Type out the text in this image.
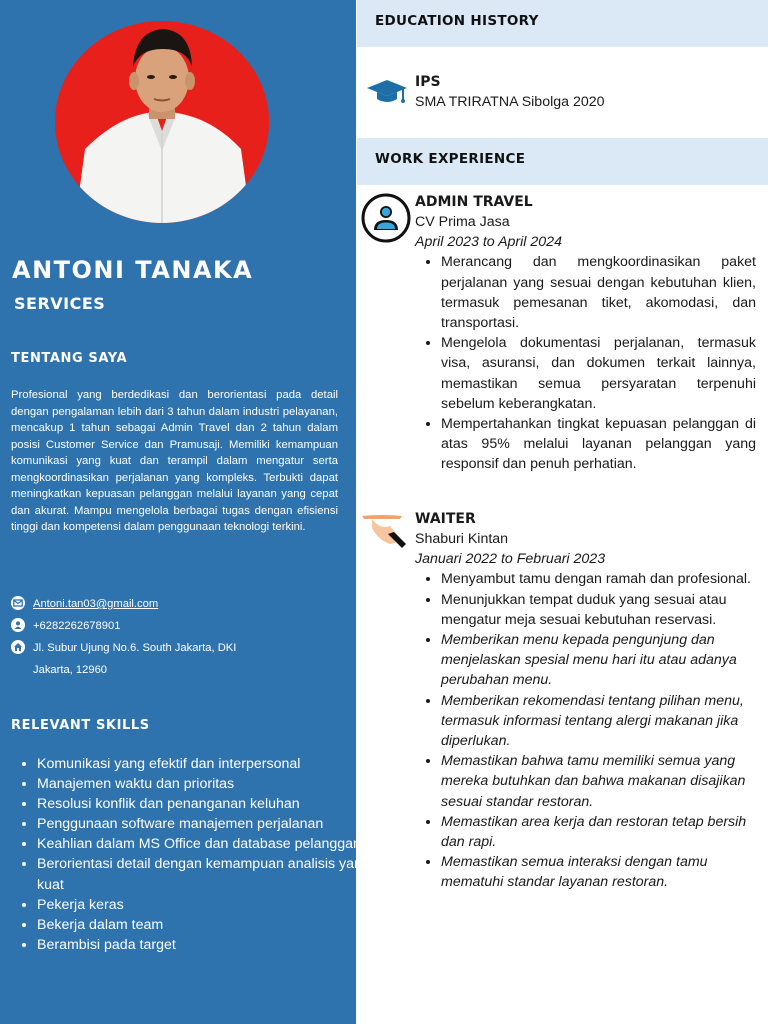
ANTONI TANAKA
SERVICES
TENTANG SAYA

Profesional yang berdedikasi dan berorientasi pada detail dengan pengalaman lebih dari 3 tahun dalam industri pelayanan, mencakup 1 tahun sebagai Admin Travel dan 2 tahun dalam posisi Customer Service dan Pramusaji. Memiliki kemampuan komunikasi yang kuat dan terampil dalam mengatur serta mengkoordinasikan perjalanan yang kompleks. Terbukti dapat meningkatkan kepuasan pelanggan melalui layanan yang cepat dan akurat. Mampu mengelola berbagai tugas dengan efisiensi tinggi dan kompetensi dalam penggunaan teknologi terkini.

Antoni.tan03@gmail.com
+6282262678901
Jl. Subur Ujung No.6. South Jakarta, DKI
Jakarta, 12960
RELEVANT SKILLS
• Komunikasi yang efektif dan interpersonal
• Manajemen waktu dan prioritas
• Resolusi konflik dan penanganan keluhan
• Penggunaan software manajemen perjalanan
• Keahlian dalam MS Office dan database pelanggan
• Berorientasi detail dengan kemampuan analisis yang kuat
• Pekerja keras
• Bekerja dalam team
• Berambisi pada target
EDUCATION HISTORY

IPS

SMA TRIRATNA Sibolga 2020

WORK EXPERIENCE

ADMIN TRAVEL

CV Prima Jasa

April 2023 to April 2024

• Merancang dan mengkoordinasikan paket perjalanan yang sesuai dengan kebutuhan klien, termasuk pemesanan tiket, akomodasi, dan transportasi.
• Mengelola dokumentasi perjalanan, termasuk visa, asuransi, dan dokumen terkait lainnya, memastikan semua persyaratan terpenuhi sebelum keberangkatan.
• Mempertahankan tingkat kepuasan pelanggan di atas 95% melalui layanan pelanggan yang responsif dan penuh perhatian.

WAITER

Shaburi Kintan

Januari 2022 to Februari 2023

• Menyambut tamu dengan ramah dan profesional.
• Menunjukkan tempat duduk yang sesuai atau mengatur meja sesuai kebutuhan reservasi.
• Memberikan menu kepada pengunjung dan menjelaskan spesial menu hari itu atau adanya perubahan menu.
• Memberikan rekomendasi tentang pilihan menu, termasuk informasi tentang alergi makanan jika diperlukan.
• Memastikan bahwa tamu memiliki semua yang mereka butuhkan dan bahwa makanan disajikan sesuai standar restoran.
• Memastikan area kerja dan restoran tetap bersih dan rapi.
• Memastikan semua interaksi dengan tamu mematuhi standar layanan restoran.
